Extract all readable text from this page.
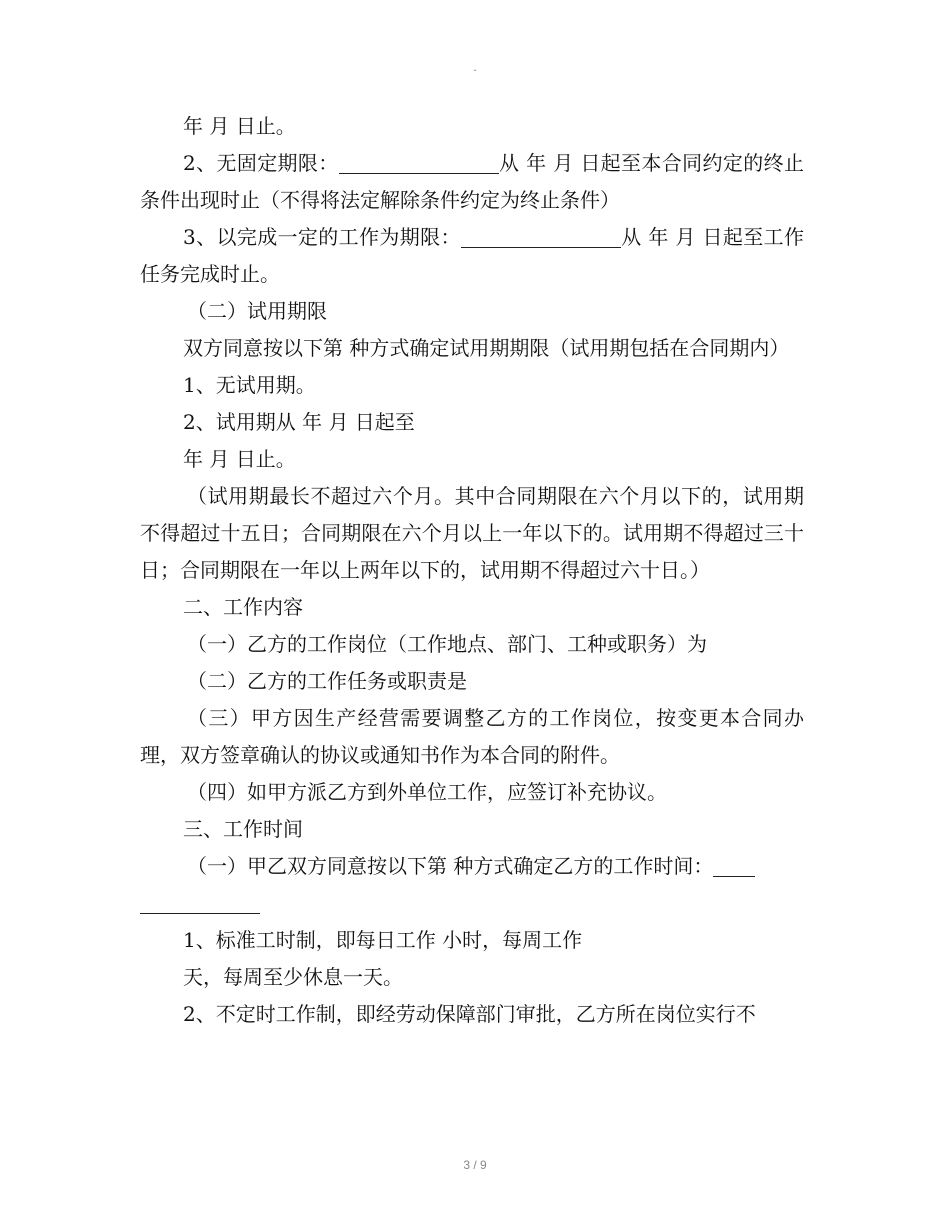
.

年 月 日止。

2、无固定期限：	从 年 月 日起至本合同约定的终止条件出现时止（不得将法定解除条件约定为终止条件）

3、以完成一定的工作为期限：	从 年 月 日起至工作任务完成时止。

（二）试用期限

双方同意按以下第 种方式确定试用期期限（试用期包括在合同期内）

1、无试用期。

2、试用期从 年 月 日起至

年 月 日止。

（试用期最长不超过六个月。其中合同期限在六个月以下的，试用期不得超过十五日；合同期限在六个月以上一年以下的。试用期不得超过三十日；合同期限在一年以上两年以下的，试用期不得超过六十日。）

二、工作内容

（一）乙方的工作岗位（工作地点、部门、工种或职务）为

（二）乙方的工作任务或职责是

（三）甲方因生产经营需要调整乙方的工作岗位，按变更本合同办理，双方签章确认的协议或通知书作为本合同的附件。

（四）如甲方派乙方到外单位工作，应签订补充协议。

三、工作时间

（一）甲乙双方同意按以下第 种方式确定乙方的工作时间：

1、标准工时制，即每日工作 小时，每周工作

天，每周至少休息一天。

2、不定时工作制，即经劳动保障部门审批，乙方所在岗位实行不

3 / 9
